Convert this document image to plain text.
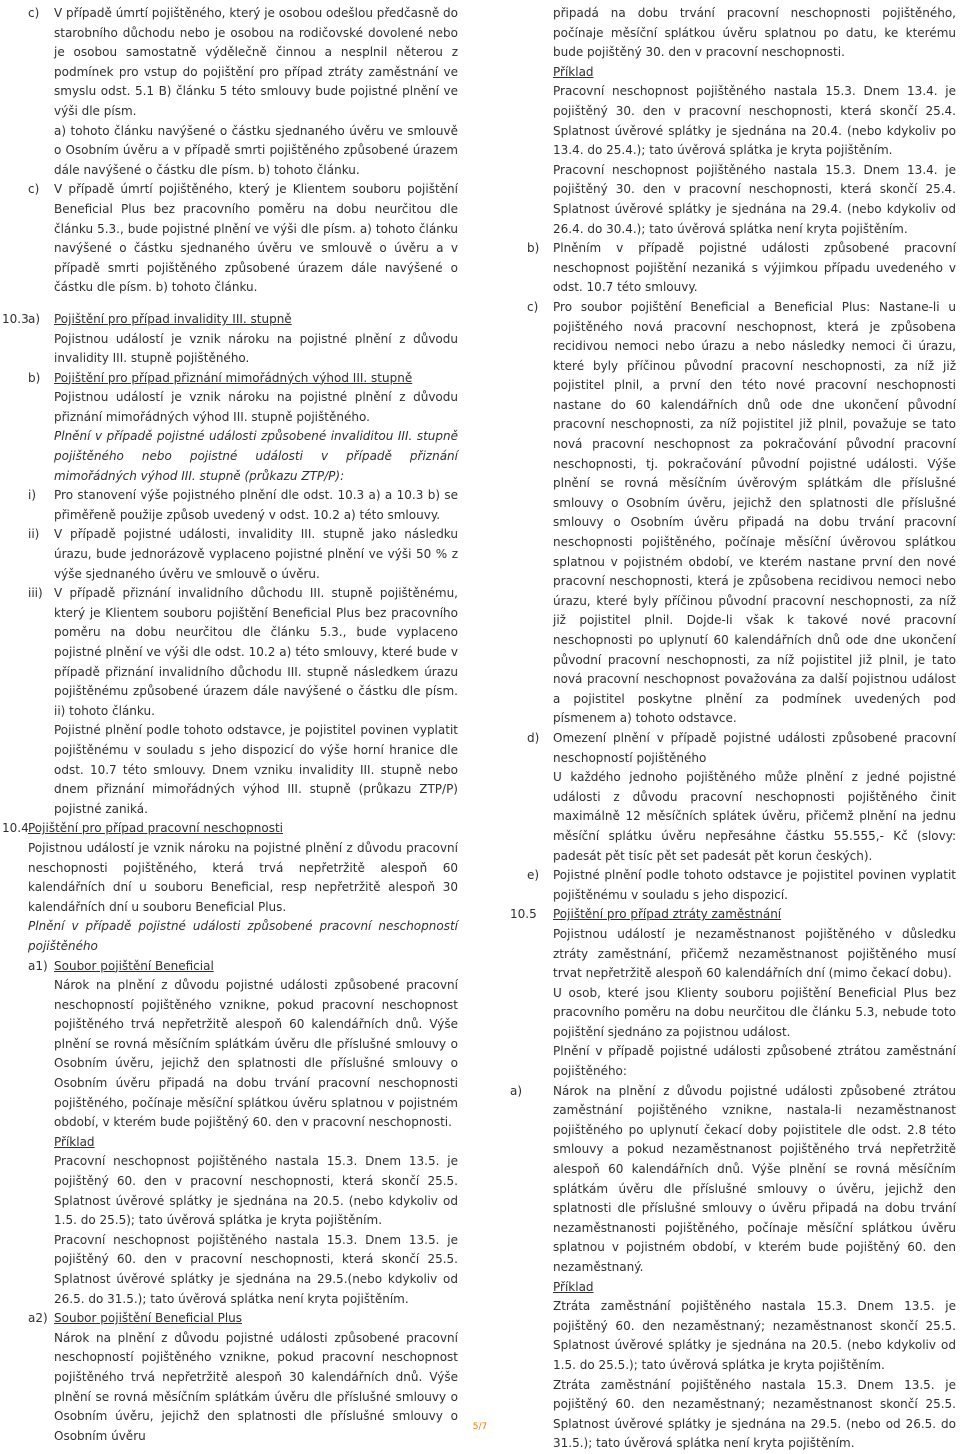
c)	V případě úmrtí pojištěného, který je osobou odešlou předčasně do starobního důchodu nebo je osobou na rodičovské dovolené nebo je osobou samostatně výdělečně činnou a nesplnil něterou z podmínek pro vstup do pojištění pro případ ztráty zaměstnání ve smyslu odst. 5.1 B) článku 5 této smlouvy bude pojistné plnění ve výši dle písm.

a) tohoto článku navýšené o částku sjednaného úvěru ve smlouvě o Osobním úvěru a v případě smrti pojištěného způsobené úrazem dále navýšené o částku dle písm. b) tohoto článku.

c)	V případě úmrtí pojištěného, který je Klientem souboru pojištění Beneficial Plus bez pracovního poměru na dobu neurčitou dle článku 5.3., bude pojistné plnění ve výši dle písm. a) tohoto článku navýšené o částku sjednaného úvěru ve smlouvě o úvěru a v případě smrti pojištěného způsobené úrazem dále navýšené o částku dle písm. b) tohoto článku.

10.3 a)	Pojištění pro případ invalidity III. stupně

Pojistnou událostí je vznik nároku na pojistné plnění z důvodu invalidity III. stupně pojištěného.

b)	Pojištění pro případ přiznání mimořádných výhod III. stupně

Pojistnou událostí je vznik nároku na pojistné plnění z důvodu přiznání mimořádných výhod III. stupně pojištěného.

Plnění v případě pojistné události způsobené invaliditou III. stupně pojištěného nebo pojistné události v případě přiznání mimořádných výhod III. stupně (průkazu ZTP/P):

i)	Pro stanovení výše pojistného plnění dle odst. 10.3 a) a 10.3 b) se přiměřeně použije způsob uvedený v odst. 10.2 a) této smlouvy.

ii)	V případě pojistné události, invalidity III. stupně jako následku úrazu, bude jednorázově vyplaceno pojistné plnění ve výši 50 % z výše sjednaného úvěru ve smlouvě o úvěru.

iii) V případě přiznání invalidního důchodu III. stupně pojištěnému, který je Klientem souboru pojištění Beneficial Plus bez pracovního poměru na dobu neurčitou dle článku 5.3., bude vyplaceno pojistné plnění ve výši dle odst. 10.2 a) této smlouvy, které bude v případě přiznání invalidního důchodu III. stupně následkem úrazu pojištěnému způsobené úrazem dále navýšené o částku dle písm. ii) tohoto článku.

Pojistné plnění podle tohoto odstavce, je pojistitel povinen vyplatit pojištěnému v souladu s jeho dispozicí do výše horní hranice dle odst. 10.7 této smlouvy. Dnem vzniku invalidity III. stupně nebo dnem přiznání mimořádných výhod III. stupně (průkazu ZTP/P) pojistné zaniká.

10.4 Pojištění pro případ pracovní neschopnosti

Pojistnou událostí je vznik nároku na pojistné plnění z důvodu pracovní neschopnosti pojištěného, která trvá nepřetržitě alespoň 60 kalendářních dní u souboru Beneficial, resp nepřetržitě alespoň 30 kalendářních dní u souboru Beneficial Plus.

Plnění v případě pojistné události způsobené pracovní neschopností pojištěného

a1) Soubor pojištění Beneficial

Nárok na plnění z důvodu pojistné události způsobené pracovní neschopností pojištěného vznikne, pokud pracovní neschopnost pojištěného trvá nepřetržitě alespoň 60 kalendářních dnů. Výše plnění se rovná měsíčním splátkám úvěru dle příslušné smlouvy o Osobním úvěru, jejichž den splatnosti dle příslušné smlouvy o Osobním úvěru připadá na dobu trvání pracovní neschopnosti pojištěného, počínaje měsíční splátkou úvěru splatnou v pojistném období, v kterém bude pojištěný 60. den v pracovní neschopnosti.

Příklad

Pracovní neschopnost pojištěného nastala 15.3. Dnem 13.5. je pojištěný 60. den v pracovní neschopnosti, která skončí 25.5. Splatnost úvěrové splátky je sjednána na 20.5. (nebo kdykoliv od 1.5. do 25.5); tato úvěrová splátka je kryta pojištěním.

Pracovní neschopnost pojištěného nastala 15.3. Dnem 13.5. je pojištěný 60. den v pracovní neschopnosti, která skončí 25.5. Splatnost úvěrové splátky je sjednána na 29.5.(nebo kdykoliv od 26.5. do 31.5.); tato úvěrová splátka není kryta pojištěním.

a2) Soubor pojištění Beneficial Plus

Nárok na plnění z důvodu pojistné události způsobené pracovní neschopností pojištěného vznikne, pokud pracovní neschopnost pojištěného trvá nepřetržitě alespoň 30 kalendářních dnů. Výše plnění se rovná měsíčním splátkám úvěru dle příslušné smlouvy o Osobním úvěru, jejichž den splatnosti dle příslušné smlouvy o Osobním úvěru

připadá na dobu trvání pracovní neschopnosti pojištěného, počínaje měsíční splátkou úvěru splatnou po datu, ke kterému bude pojištěný 30. den v pracovní neschopnosti.

Příklad

Pracovní neschopnost pojištěného nastala 15.3. Dnem 13.4. je pojištěný 30. den v pracovní neschopnosti, která skončí 25.4. Splatnost úvěrové splátky je sjednána na 20.4. (nebo kdykoliv po 13.4. do 25.4.); tato úvěrová splátka je kryta pojištěním.

Pracovní neschopnost pojištěného nastala 15.3. Dnem 13.4. je pojištěný 30. den v pracovní neschopnosti, která skončí 25.4. Splatnost úvěrové splátky je sjednána na 29.4. (nebo kdykoliv od 26.4. do 30.4.); tato úvěrová splátka není kryta pojištěním.

b)	Plněním v případě pojistné události způsobené pracovní neschopnost pojištění nezaniká s výjimkou případu uvedeného v odst. 10.7 této smlouvy.

c)	Pro soubor pojištění Beneficial a Beneficial Plus: Nastane-li u pojištěného nová pracovní neschopnost, která je způsobena recidivou nemoci nebo úrazu a nebo následky nemoci či úrazu, které byly příčinou původní pracovní neschopnosti, za níž již pojistitel plnil, a první den této nové pracovní neschopnosti nastane do 60 kalendářních dnů ode dne ukončení původní pracovní neschopnosti, za níž pojistitel již plnil, považuje se tato nová pracovní neschopnost za pokračování původní pracovní neschopnosti, tj. pokračování původní pojistné události. Výše plnění se rovná měsíčním úvěrovým splátkám dle příslušné smlouvy o Osobním úvěru, jejichž den splatnosti dle příslušné smlouvy o Osobním úvěru připadá na dobu trvání pracovní neschopnosti pojištěného, počínaje měsíční úvěrovou splátkou splatnou v pojistném období, ve kterém nastane první den nové pracovní neschopnosti, která je způsobena recidivou nemoci nebo úrazu, které byly příčinou původní pracovní neschopnosti, za níž již pojistitel plnil. Dojde-li však k takové nové pracovní neschopnosti po uplynutí 60 kalendářních dnů ode dne ukončení původní pracovní neschopnosti, za níž pojistitel již plnil, je tato nová pracovní neschopnost považována za další pojistnou událost a pojistitel poskytne plnění za podmínek uvedených pod písmenem a) tohoto odstavce.

d)	Omezení plnění v případě pojistné události způsobené pracovní neschopností pojištěného

U každého jednoho pojištěného může plnění z jedné pojistné události z důvodu pracovní neschopnosti pojištěného činit maximálně 12 měsíčních splátek úvěru, přičemž plnění na jednu měsíční splátku úvěru nepřesáhne částku 55.555,- Kč (slovy: padesát pět tisíc pět set padesát pět korun českých).

e)	Pojistné plnění podle tohoto odstavce je pojistitel povinen vyplatit pojištěnému v souladu s jeho dispozicí.

10.5	Pojištění pro případ ztráty zaměstnání

Pojistnou událostí je nezaměstnanost pojištěného v důsledku ztráty zaměstnání, přičemž nezaměstnanost pojištěného musí trvat nepřetržitě alespoň 60 kalendářních dní (mimo čekací dobu).

U osob, které jsou Klienty souboru pojištění Beneficial Plus bez pracovního poměru na dobu neurčitou dle článku 5.3, nebude toto pojištění sjednáno za pojistnou událost.

Plnění v případě pojistné události způsobené ztrátou zaměstnání pojištěného:

a)	Nárok na plnění z důvodu pojistné události způsobené ztrátou zaměstnání pojištěného vznikne, nastala-li nezaměstnanost pojištěného po uplynutí čekací doby pojistitele dle odst. 2.8 této smlouvy a pokud nezaměstnanost pojištěného trvá nepřetržitě alespoň 60 kalendářních dnů. Výše plnění se rovná měsíčním splátkám úvěru dle příslušné smlouvy o úvěru, jejichž den splatnosti dle příslušné smlouvy o úvěru připadá na dobu trvání nezaměstnanosti pojištěného, počínaje měsíční splátkou úvěru splatnou v pojistném období, v kterém bude pojištěný 60. den nezaměstnaný.

Příklad

Ztráta zaměstnání pojištěného nastala 15.3. Dnem 13.5. je pojištěný 60. den nezaměstnaný; nezaměstnanost skončí 25.5. Splatnost úvěrové splátky je sjednána na 20.5. (nebo kdykoliv od 1.5. do 25.5.); tato úvěrová splátka je kryta pojištěním.

Ztráta zaměstnání pojištěného nastala 15.3. Dnem 13.5. je pojištěný 60. den nezaměstnaný; nezaměstnanost skončí 25.5. Splatnost úvěrové splátky je sjednána na 29.5. (nebo od 26.5. do 31.5.); tato úvěrová splátka není kryta pojištěním.

5/7
